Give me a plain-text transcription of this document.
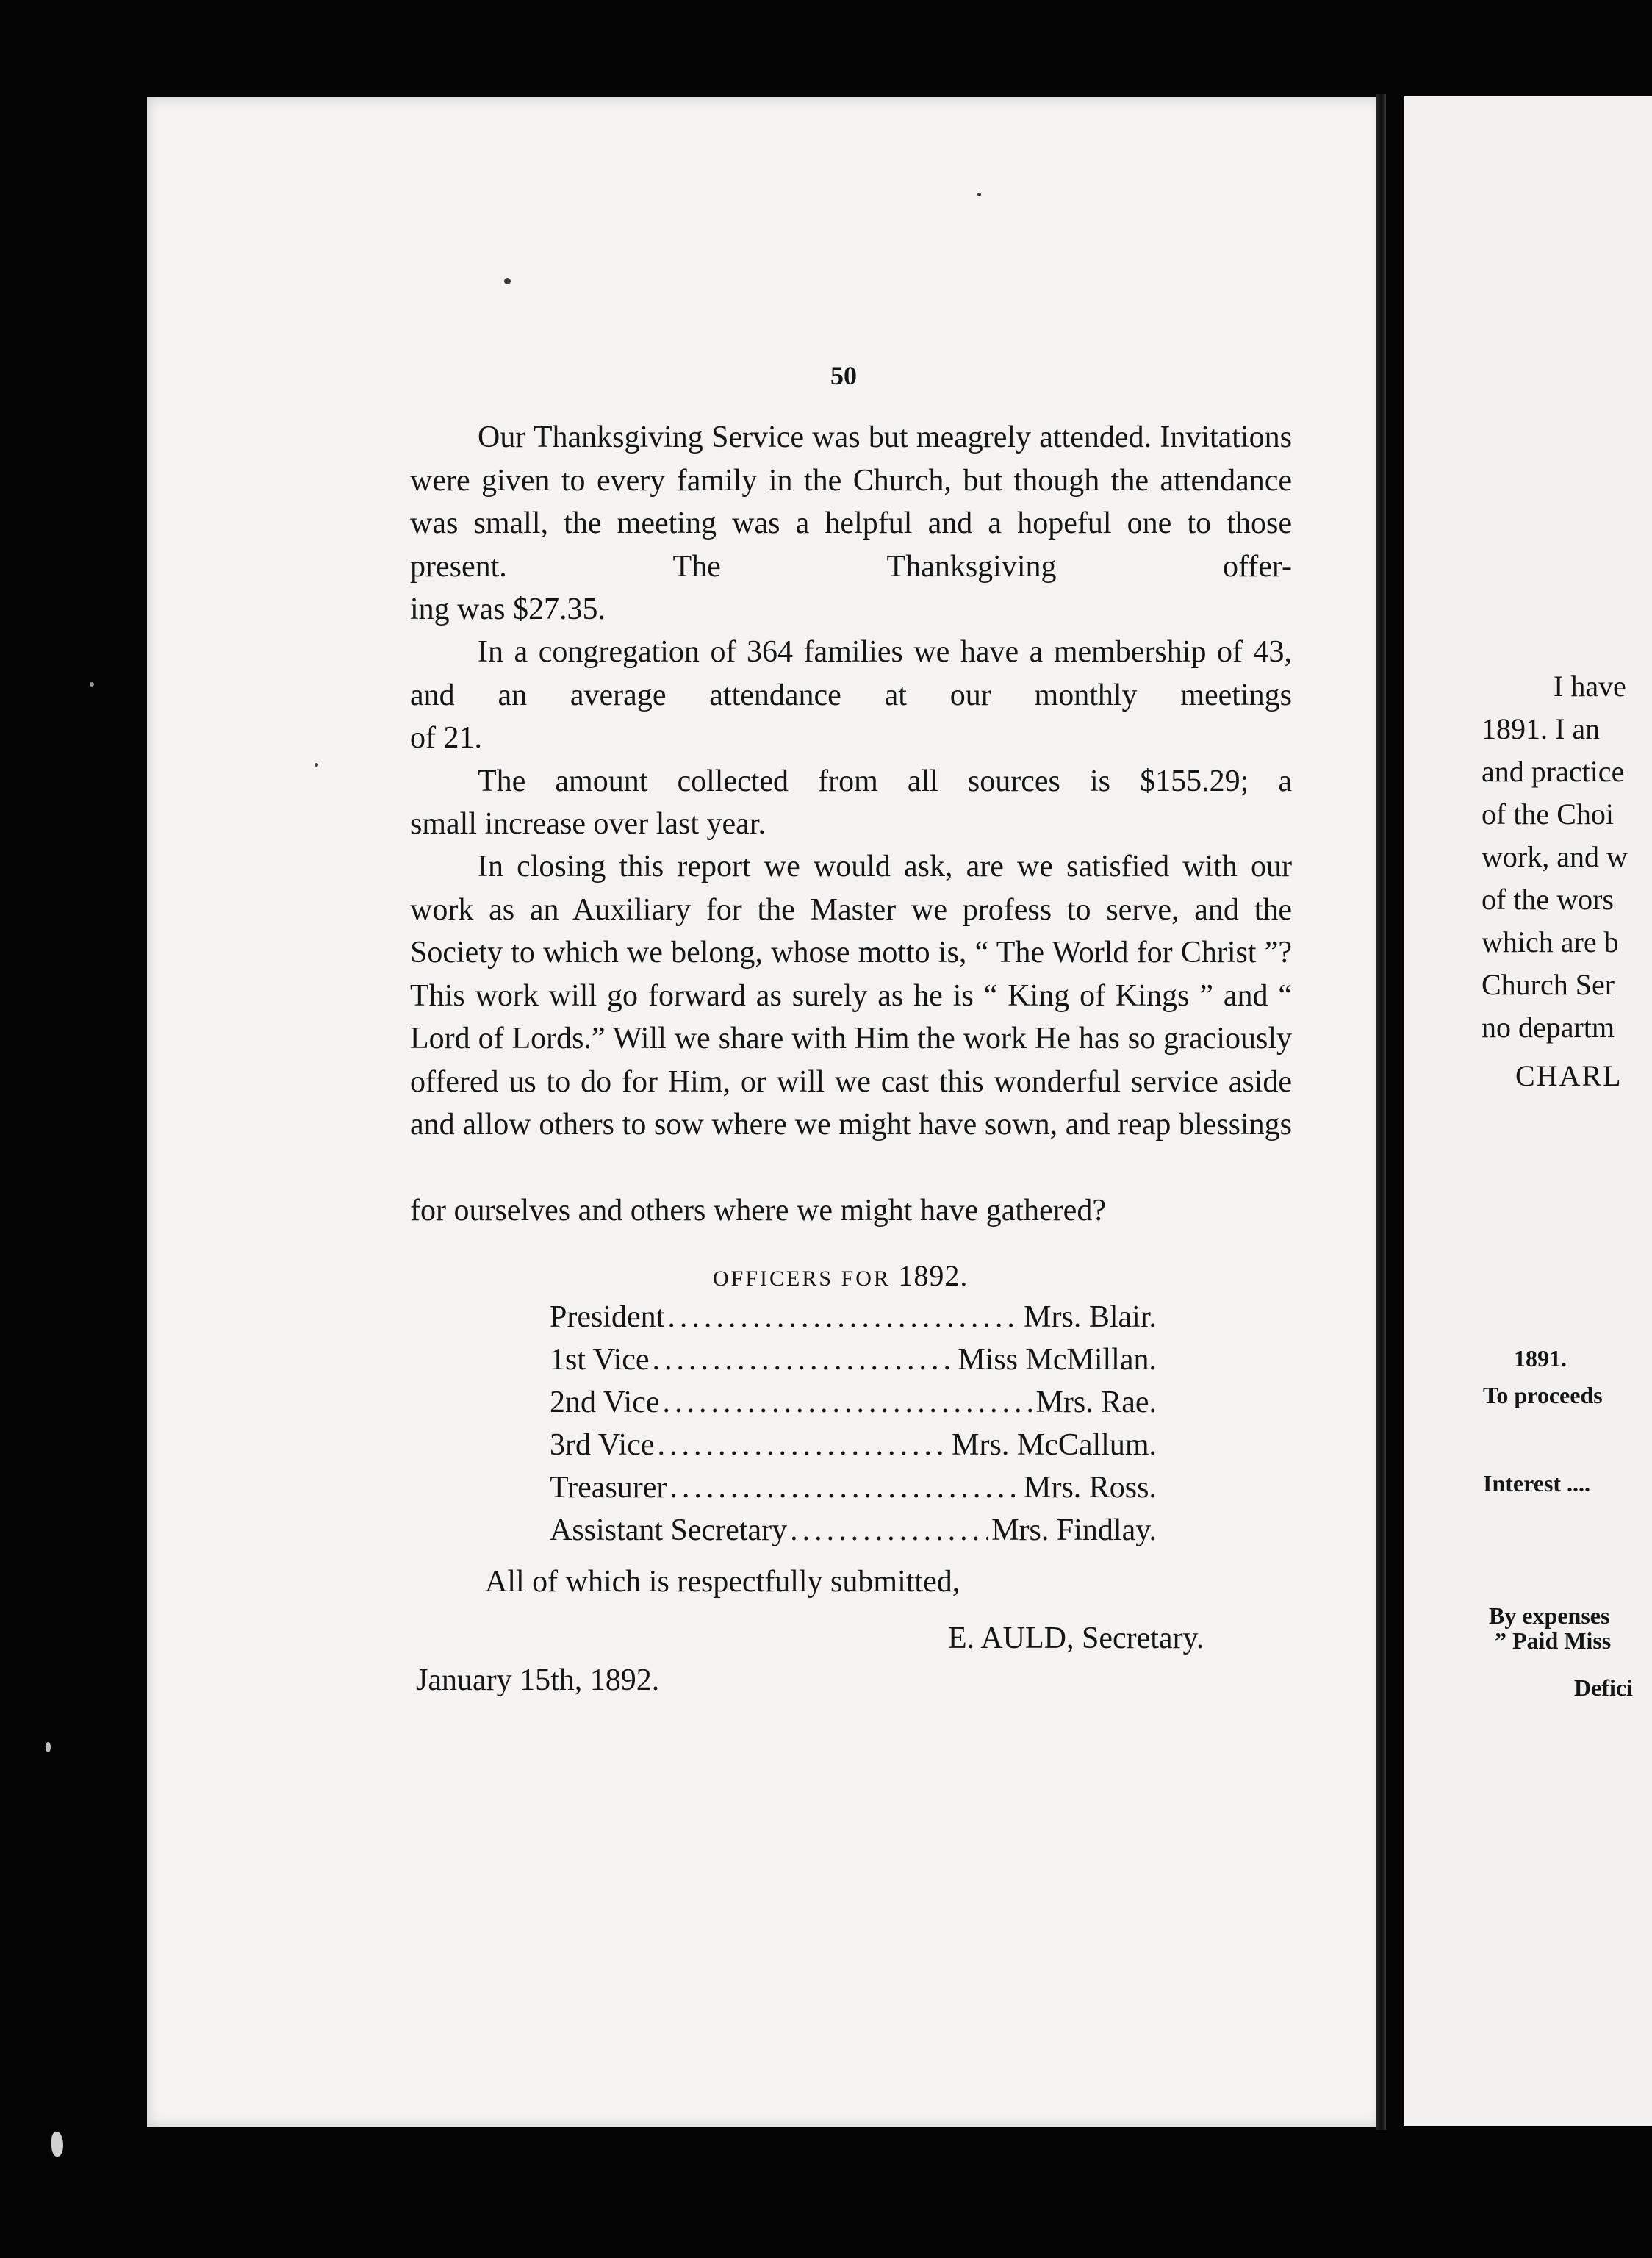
I have
1891. I an
and practice
of the Choi
work, and w
of the wors
which are b
Church Ser
no departm
CHARL
1891.
To proceeds
Interest ....
By expenses
” Paid Miss
Defici
50
Our Thanksgiving Service was but meagrely attended. Invitations were given to every family in the Church, but though the attendance was small, the meeting was a helpful and a hopeful one to those present. The Thanksgiving offer-
ing was $27.35.
In a congregation of 364 families we have a membership of 43, and an average attendance at our monthly meetings
of 21.
The amount collected from all sources is $155.29; a
small increase over last year.
In closing this report we would ask, are we satisfied with our work as an Auxiliary for the Master we profess to serve, and the Society to which we belong, whose motto is, “ The World for Christ ”? This work will go forward as surely as he is “ King of Kings ” and “ Lord of Lords.” Will we share with Him the work He has so graciously offered us to do for Him, or will we cast this wonderful service aside and allow others to sow where we might have sown, and reap blessings
for ourselves and others where we might have gathered?
OFFICERS FOR 1892.
President .....	Mrs. Blair.
1st Vice .....	Miss McMillan.
2nd Vice .....	Mrs. Rae.
3rd Vice .....	Mrs. McCallum.
Treasurer .....	Mrs. Ross.
Assistant Secretary .....	Mrs. Findlay.
All of which is respectfully submitted,
E. AULD, Secretary.
January 15th, 1892.
